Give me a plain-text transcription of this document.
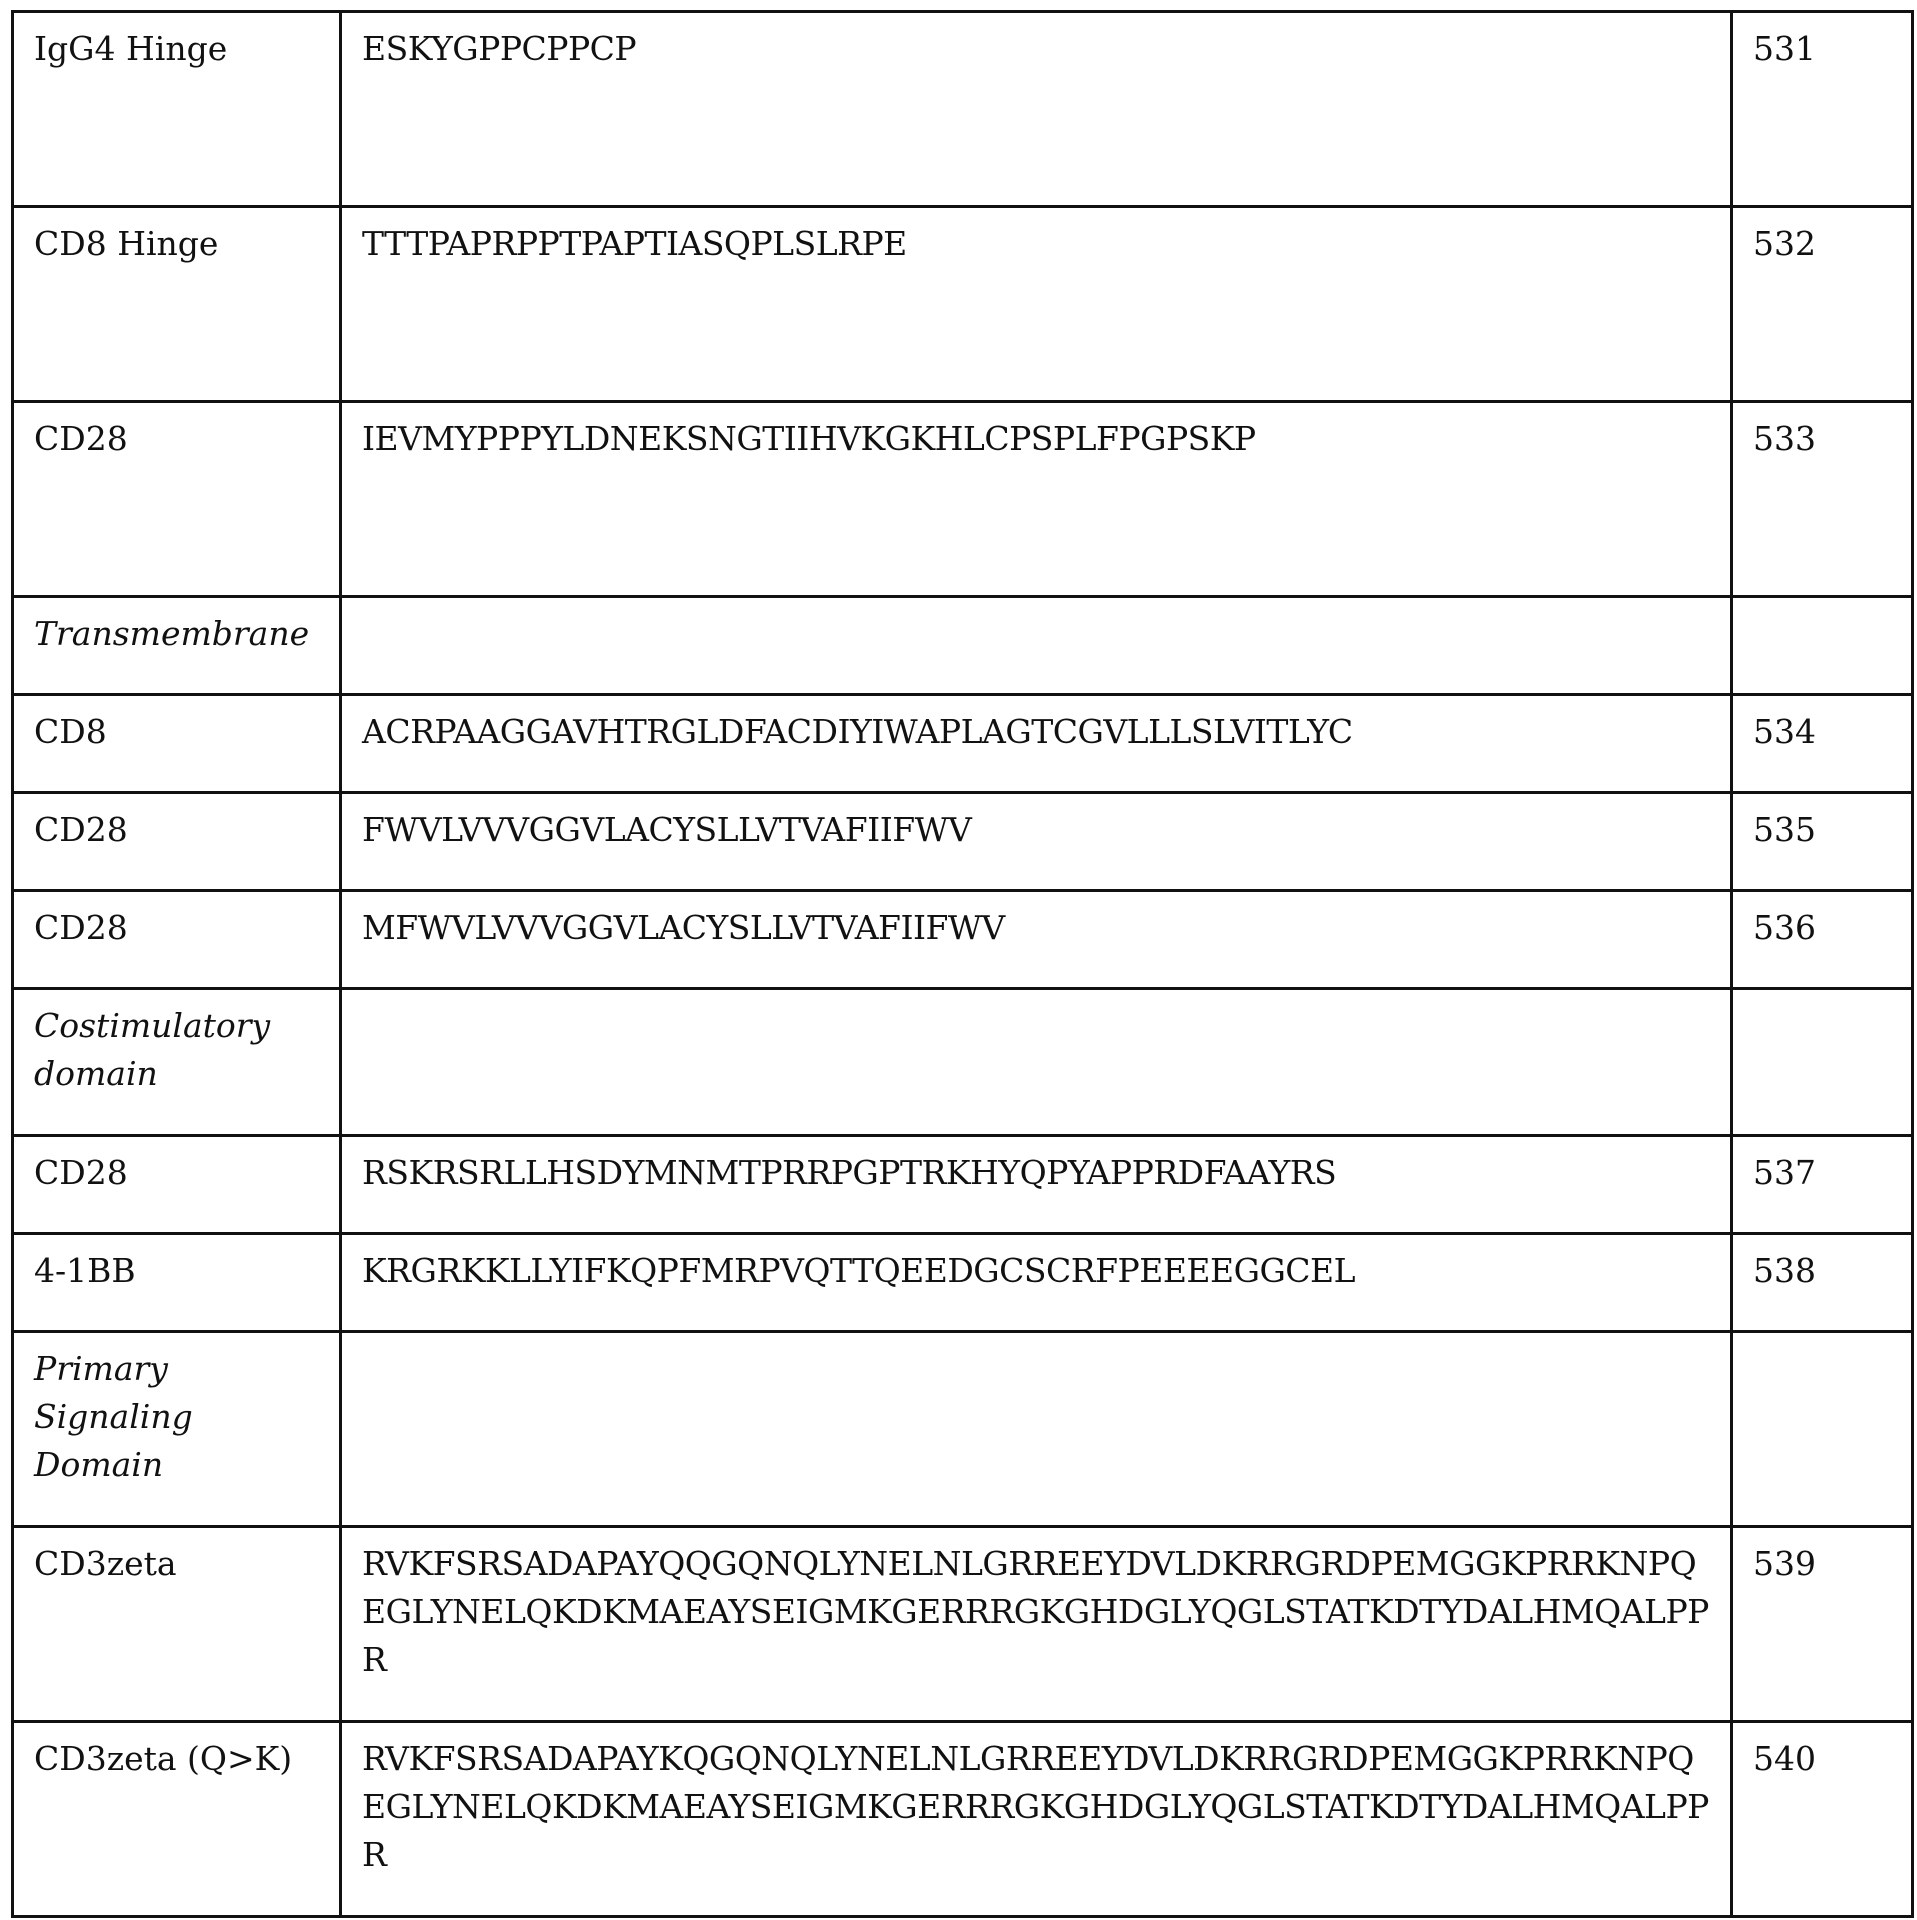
IgG4 Hinge	ESKYGPPCPPCP	531
CD8 Hinge	TTTPAPRPPTPAPTIASQPLSLRPE	532
CD28	IEVMYPPPYLDNEKSNGTIIHVKGKHLCPSPLFPGPSKP	533
Transmembrane		
CD8	ACRPAAGGAVHTRGLDFACDIYIWAPLAGTCGVLLLSLVITLYC	534
CD28	FWVLVVVGGVLACYSLLVTVAFIIFWV	535
CD28	MFWVLVVVGGVLACYSLLVTVAFIIFWV	536
Costimulatory domain		
CD28	RSKRSRLLHSDYMNMTPRRPGPTRKHYQPYAPPRDFAAYRS	537
4-1BB	KRGRKKLLYIFKQPFMRPVQTTQEEDGCSCRFPEEEEGGCEL	538
Primary Signaling Domain		
CD3zeta	RVKFSRSADAPAYQQGQNQLYNELNLGRREEYDVLDKRRGRDPEMGGKPRRKNPQEGLYNELQKDKMAEAYSEIGMKGERRRGKGHDGLYQGLSTATKDTYDALHMQALPPR	539
CD3zeta (Q>K)	RVKFSRSADAPAYKQGQNQLYNELNLGRREEYDVLDKRRGRDPEMGGKPRRKNPQEGLYNELQKDKMAEAYSEIGMKGERRRGKGHDGLYQGLSTATKDTYDALHMQALPPR	540
